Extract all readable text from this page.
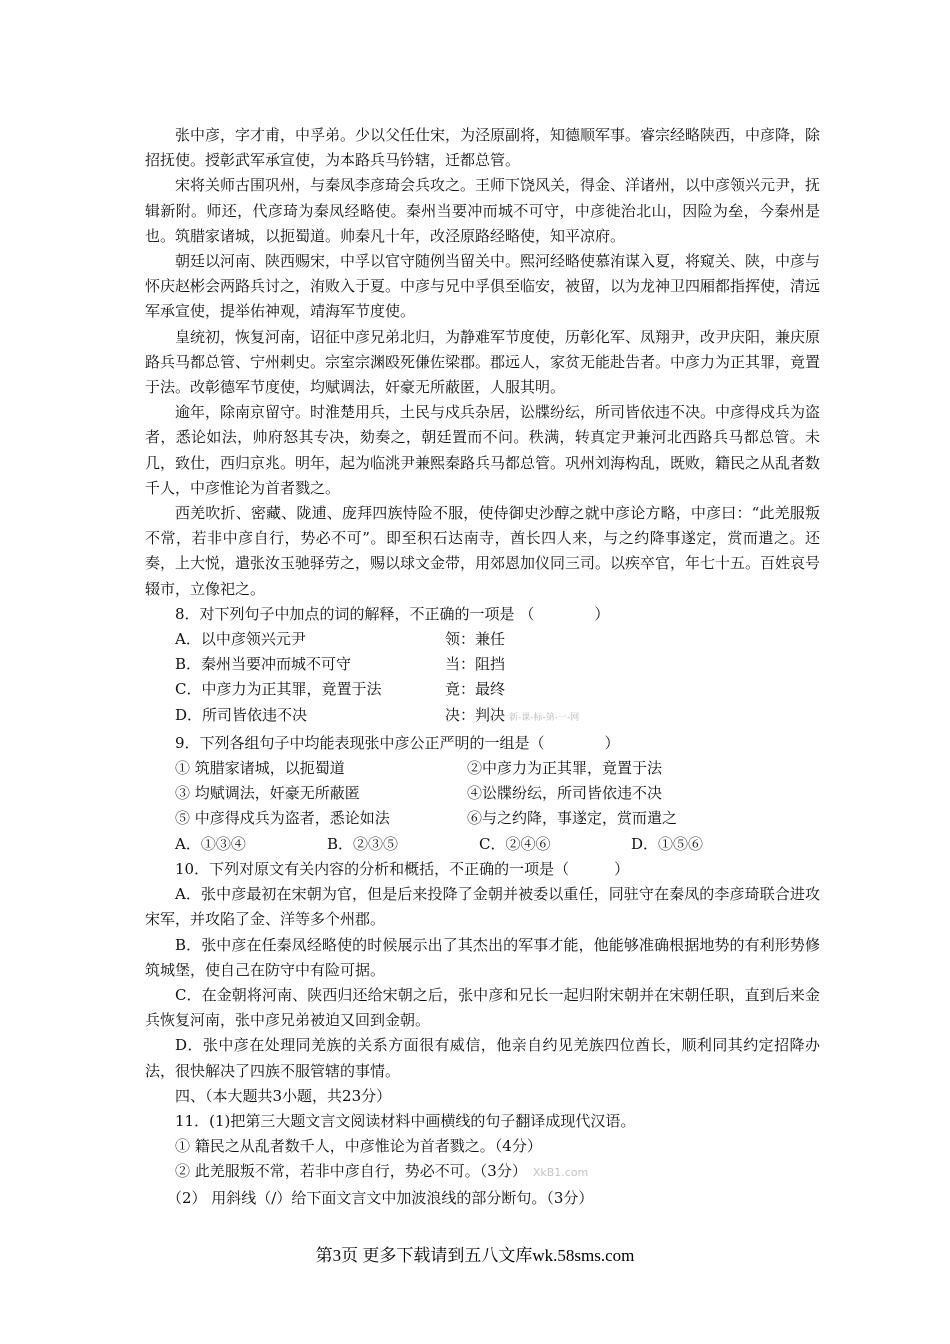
张中彦，字才甫，中孚弟。少以父任仕宋，为泾原副将，知德顺军事。睿宗经略陕西，中彦降，除招抚使。授彰武军承宣使，为本路兵马钤辖，迁都总管。

宋将关师古围巩州，与秦凤李彦琦会兵攻之。王师下饶风关，得金、洋诸州，以中彦领兴元尹，抚辑新附。师还，代彦琦为秦凤经略使。秦州当要冲而城不可守，中彦徙治北山，因险为垒，今秦州是也。筑腊家诸城，以扼蜀道。帅秦凡十年，改泾原路经略使，知平凉府。

朝廷以河南、陕西赐宋，中孚以官守随例当留关中。熙河经略使慕洧谋入夏，将窥关、陕，中彦与怀庆赵彬会两路兵讨之，洧败入于夏。中彦与兄中孚俱至临安，被留，以为龙神卫四厢都指挥使，清远军承宣使，提举佑神观，靖海军节度使。

皇统初，恢复河南，诏征中彦兄弟北归，为静难军节度使，历彰化军、凤翔尹，改尹庆阳，兼庆原路兵马都总管、宁州刺史。宗室宗渊殴死傔佐梁郡。郡远人，家贫无能赴告者。中彦力为正其罪，竟置于法。改彰德军节度使，均赋调法，奸豪无所蔽匿，人服其明。

逾年，除南京留守。时淮楚用兵，土民与戍兵杂居，讼牒纷纭，所司皆依违不决。中彦得戍兵为盗者，悉论如法，帅府怒其专决，劾奏之，朝廷置而不问。秩满，转真定尹兼河北西路兵马都总管。未几，致仕，西归京兆。明年，起为临洮尹兼熙秦路兵马都总管。巩州刘海构乱，既败，籍民之从乱者数千人，中彦惟论为首者戮之。

西羌吹折、密藏、陇逋、庞拜四族恃险不服，使侍御史沙醇之就中彦论方略，中彦曰：“此羌服叛不常，若非中彦自行，势必不可”。即至积石达南寺，酋长四人来，与之约降事遂定，赏而遣之。还奏，上大悦，遣张汝玉驰驿劳之，赐以球文金带，用郊恩加仪同三司。以疾卒官，年七十五。百姓哀号辍市，立像祀之。

8．对下列句子中加点的词的解释，不正确的一项是 （　　　　）

A．以中彦领兴元尹	领：兼任
B．秦州当要冲而城不可守	当：阻挡
C．中彦力为正其罪，竟置于法	竟：最终
D．所司皆依违不决	决：判决 新-课-标-第-一-网

9．下列各组句子中均能表现张中彦公正严明的一组是（　　　　）

① 筑腊家诸城，以扼蜀道	②中彦力为正其罪，竟置于法
③ 均赋调法，奸豪无所蔽匿	④讼牒纷纭，所司皆依违不决
⑤ 中彦得戍兵为盗者，悉论如法	⑥与之约降，事遂定，赏而遣之
A．①③④	B．②③⑤	C．②④⑥	D．①⑤⑥

10．下列对原文有关内容的分析和概括，不正确的一项是（　　　）

A．张中彦最初在宋朝为官，但是后来投降了金朝并被委以重任，同驻守在秦凤的李彦琦联合进攻宋军，并攻陷了金、洋等多个州郡。

B．张中彦在任秦凤经略使的时候展示出了其杰出的军事才能，他能够准确根据地势的有利形势修筑城堡，使自己在防守中有险可据。

C．在金朝将河南、陕西归还给宋朝之后，张中彦和兄长一起归附宋朝并在宋朝任职，直到后来金兵恢复河南，张中彦兄弟被迫又回到金朝。

D．张中彦在处理同羌族的关系方面很有威信，他亲自约见羌族四位酋长，顺利同其约定招降办法，很快解决了四族不服管辖的事情。

四、（本大题共3小题，共23分）

11．(1)把第三大题文言文阅读材料中画横线的句子翻译成现代汉语。

① 籍民之从乱者数千人，中彦惟论为首者戮之。（4分）

② 此羌服叛不常，若非中彦自行，势必不可。（3分） XkB1.com

（2） 用斜线（/）给下面文言文中加波浪线的部分断句。（3分）

第3页 更多下载请到五八文库wk.58sms.com
